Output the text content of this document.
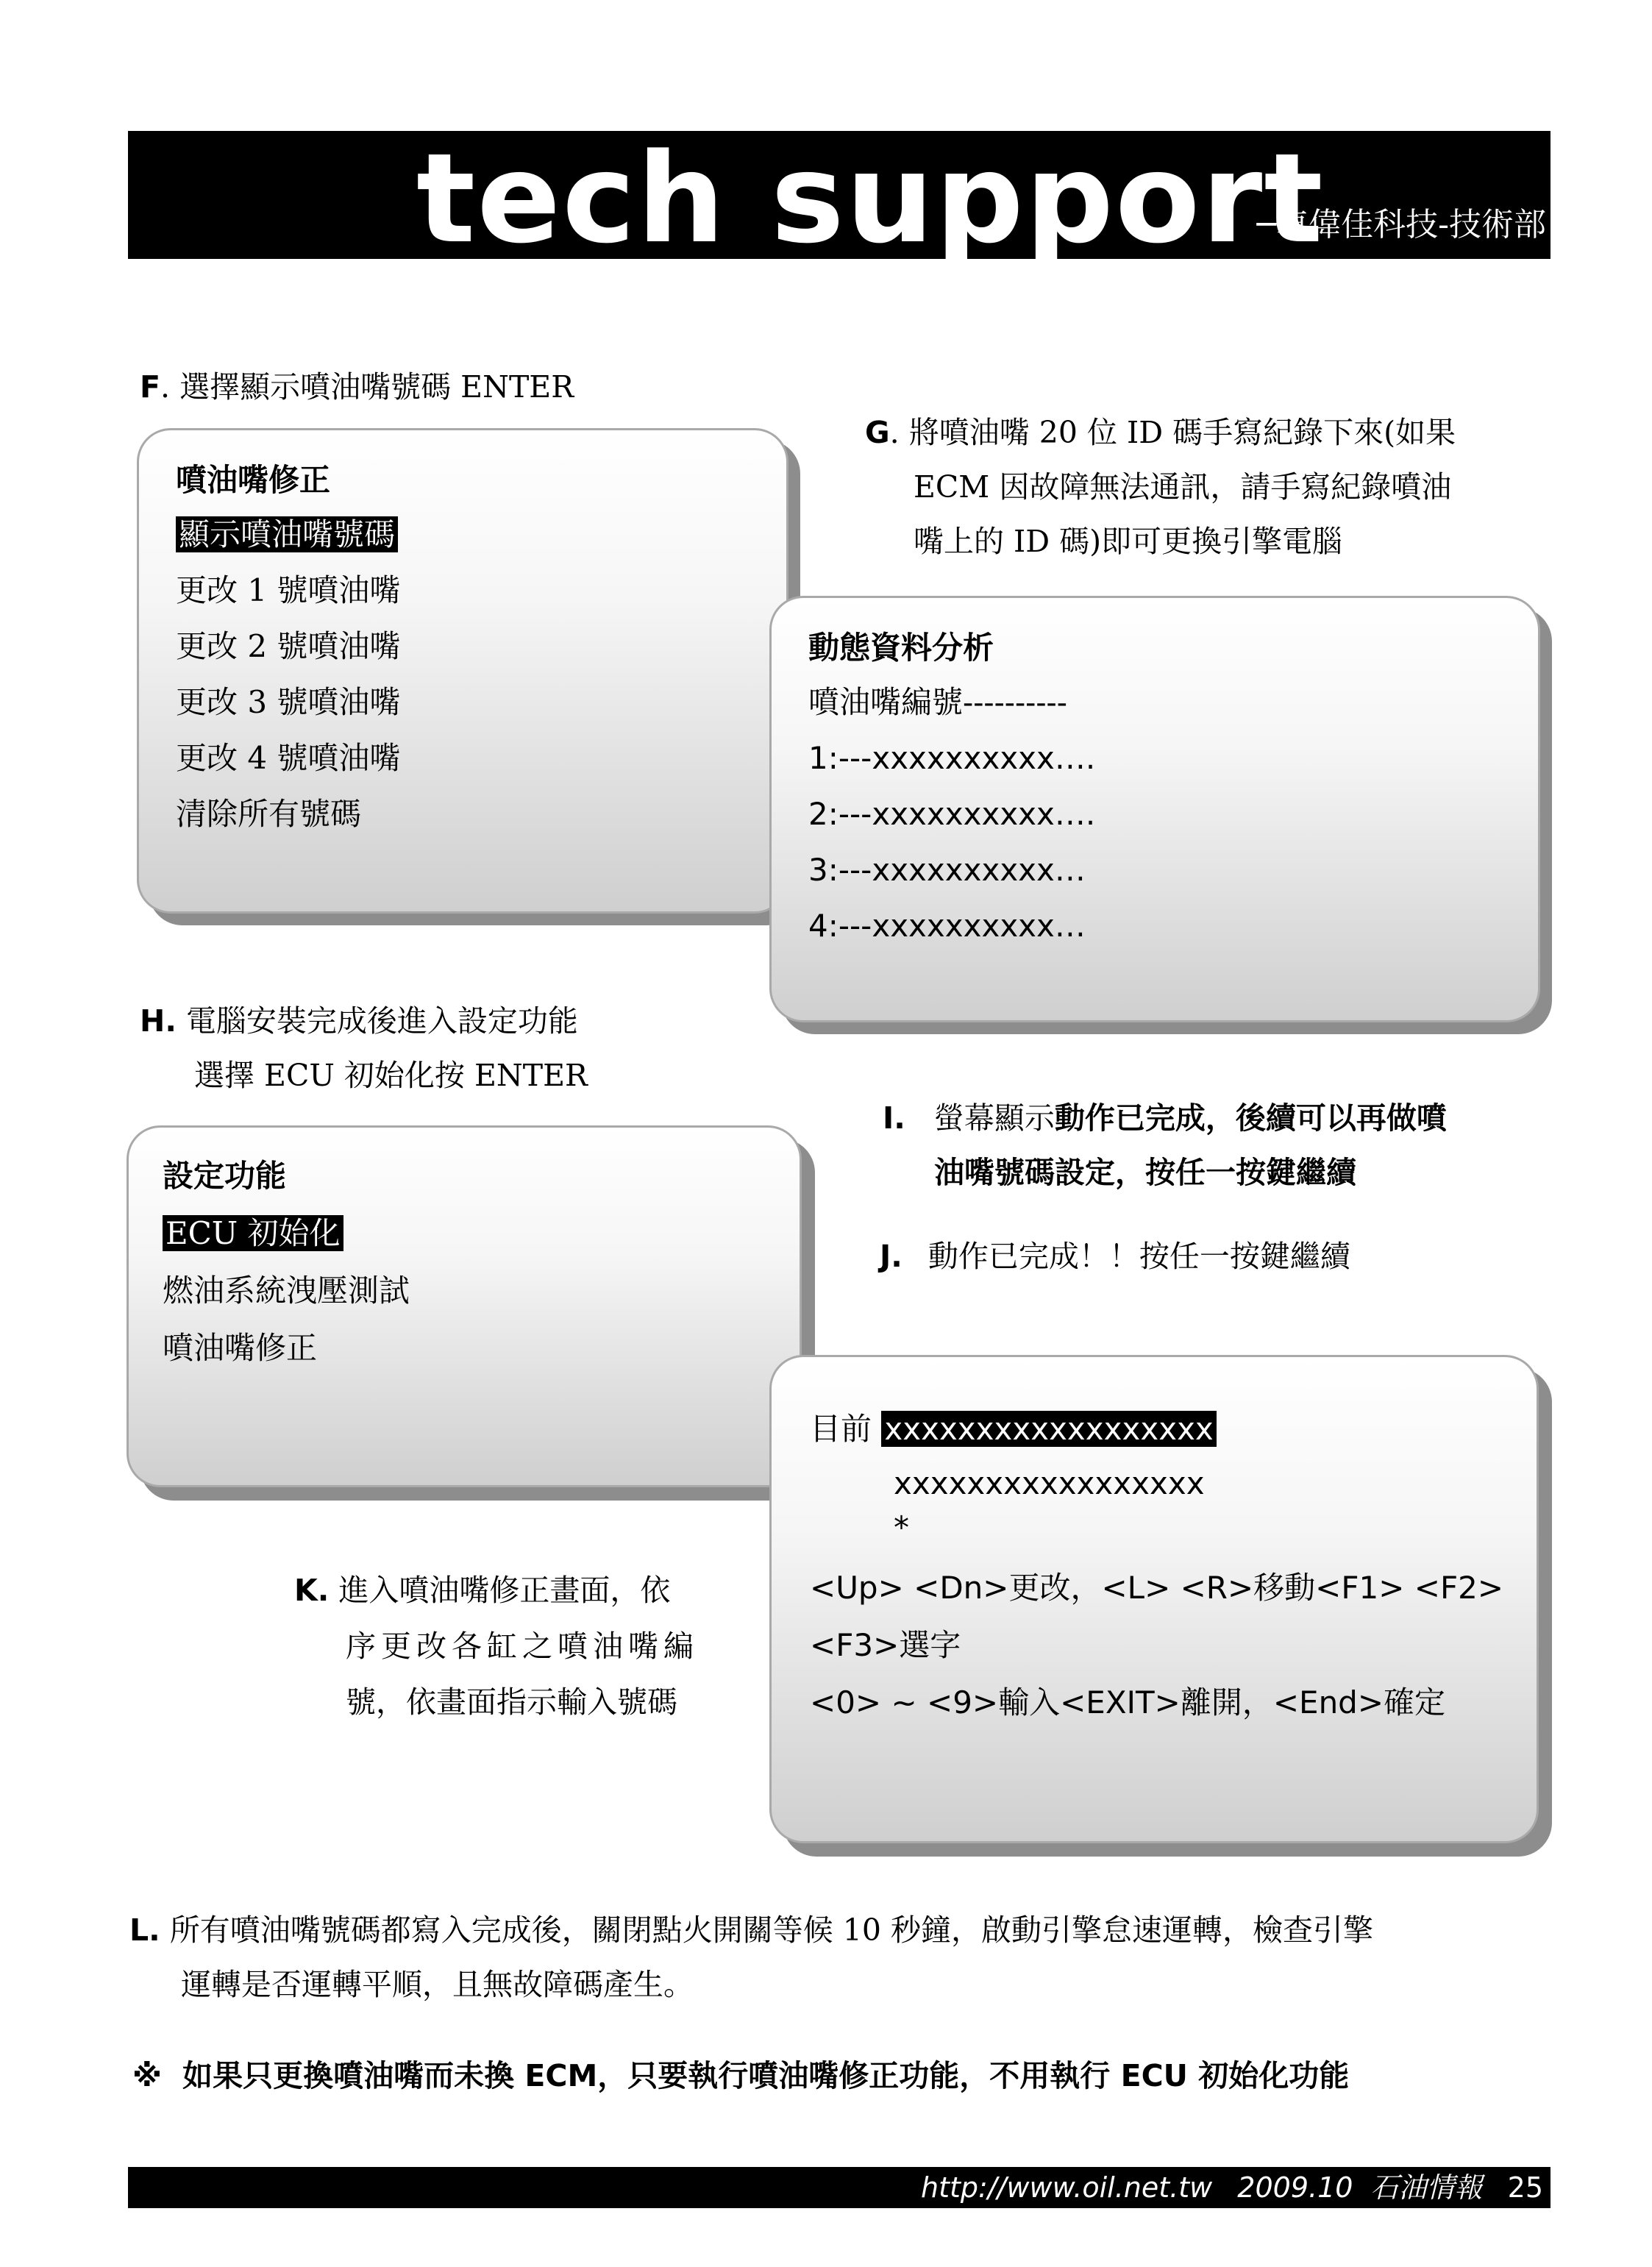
tech support
─車偉佳科技-技術部
F. 選擇顯示噴油嘴號碼 ENTER
噴油嘴修正
顯示噴油嘴號碼
更改 1 號噴油嘴
更改 2 號噴油嘴
更改 3 號噴油嘴
更改 4 號噴油嘴
清除所有號碼
G. 將噴油嘴 20 位 ID 碼手寫紀錄下來(如果
ECM 因故障無法通訊，請手寫紀錄噴油
嘴上的 ID 碼)即可更換引擎電腦
動態資料分析
噴油嘴編號----------
1:---xxxxxxxxxx….
2:---xxxxxxxxxx….
3:---xxxxxxxxxx…
4:---xxxxxxxxxx…
H. 電腦安裝完成後進入設定功能
選擇 ECU 初始化按 ENTER
設定功能
ECU 初始化
燃油系統洩壓測試
噴油嘴修正
I. 螢幕顯示動作已完成，後續可以再做噴
油嘴號碼設定，按任一按鍵繼續
J. 動作已完成！！按任一按鍵繼續
目前 xxxxxxxxxxxxxxxxxx
xxxxxxxxxxxxxxxxx
*
<Up> <Dn>更改，<L> <R>移動<F1> <F2>
<F3>選字
<0> ~ <9>輸入<EXIT>離開，<End>確定
K. 進入噴油嘴修正畫面，依
序更改各缸之噴油嘴編
號，依畫面指示輸入號碼
L. 所有噴油嘴號碼都寫入完成後，關閉點火開關等候 10 秒鐘，啟動引擎怠速運轉，檢查引擎
運轉是否運轉平順，且無故障碼產生。
※ 如果只更換噴油嘴而未換 ECM，只要執行噴油嘴修正功能，不用執行 ECU 初始化功能
http://www.oil.net.tw 2009.10 石油情報 25
